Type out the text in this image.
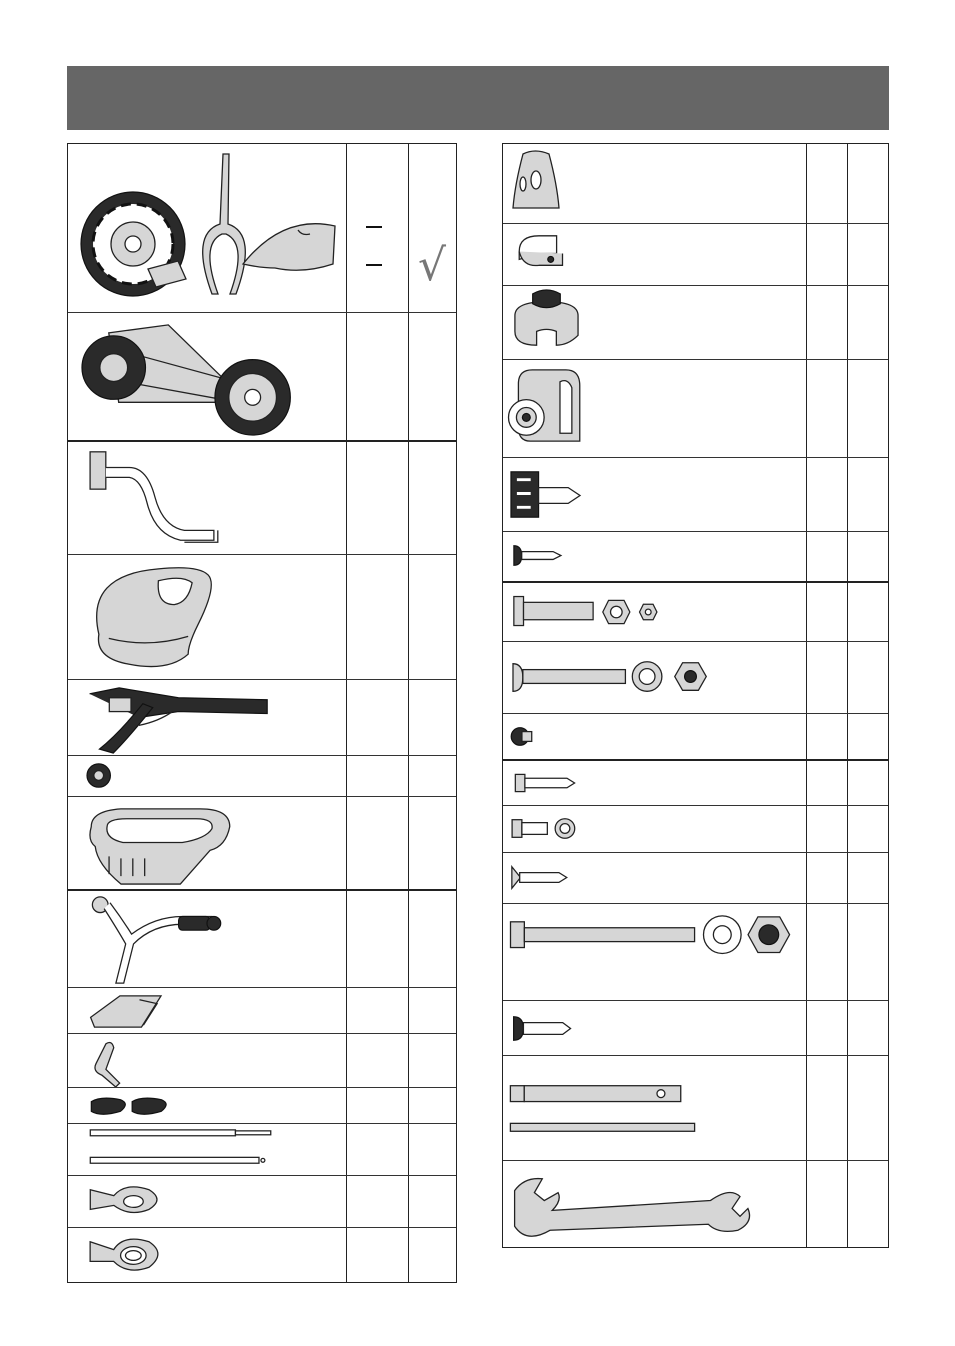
√
